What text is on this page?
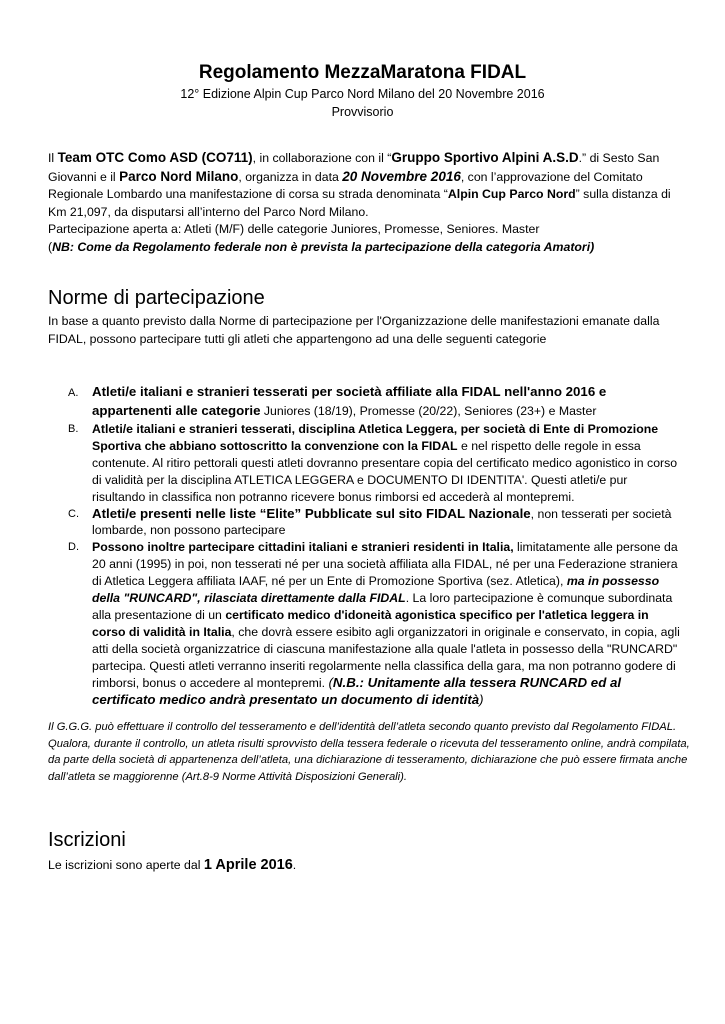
Regolamento MezzaMaratona FIDAL
12° Edizione Alpin Cup Parco Nord Milano del 20 Novembre 2016
Provvisorio

Il Team OTC Como ASD (CO711), in collaborazione con il “Gruppo Sportivo Alpini A.S.D.” di Sesto San Giovanni e il Parco Nord Milano, organizza in data 20 Novembre 2016, con l’approvazione del Comitato Regionale Lombardo una manifestazione di corsa su strada denominata “Alpin Cup Parco Nord” sulla distanza di Km 21,097, da disputarsi all’interno del Parco Nord Milano.

Partecipazione aperta a: Atleti (M/F) delle categorie Juniores, Promesse, Seniores. Master

(NB: Come da Regolamento federale non è prevista la partecipazione della categoria Amatori)

Norme di partecipazione

In base a quanto previsto dalla Norme di partecipazione per l'Organizzazione delle manifestazioni emanate dalla FIDAL, possono partecipare tutti gli atleti che appartengono ad una delle seguenti categorie

A. Atleti/e italiani e stranieri tesserati per società affiliate alla FIDAL nell'anno 2016 e appartenenti alle categorie Juniores (18/19), Promesse (20/22), Seniores (23+) e Master
B. Atleti/e italiani e stranieri tesserati, disciplina Atletica Leggera, per società di Ente di Promozione Sportiva che abbiano sottoscritto la convenzione con la FIDAL e nel rispetto delle regole in essa contenute. Al ritiro pettorali questi atleti dovranno presentare copia del certificato medico agonistico in corso di validità per la disciplina ATLETICA LEGGERA e DOCUMENTO DI IDENTITA'. Questi atleti/e pur risultando in classifica non potranno ricevere bonus rimborsi ed accederà al montepremi.
C. Atleti/e presenti nelle liste “Elite” Pubblicate sul sito FIDAL Nazionale, non tesserati per società lombarde, non possono partecipare
D. Possono inoltre partecipare cittadini italiani e stranieri residenti in Italia, limitatamente alle persone da 20 anni (1995) in poi, non tesserati né per una società affiliata alla FIDAL, né per una Federazione straniera di Atletica Leggera affiliata IAAF, né per un Ente di Promozione Sportiva (sez. Atletica), ma in possesso della "RUNCARD", rilasciata direttamente dalla FIDAL. La loro partecipazione è comunque subordinata alla presentazione di un certificato medico d'idoneità agonistica specifico per l'atletica leggera in corso di validità in Italia, che dovrà essere esibito agli organizzatori in originale e conservato, in copia, agli atti della società organizzatrice di ciascuna manifestazione alla quale l'atleta in possesso della "RUNCARD" partecipa. Questi atleti verranno inseriti regolarmente nella classifica della gara, ma non potranno godere di rimborsi, bonus o accedere al montepremi. (N.B.: Unitamente alla tessera RUNCARD ed al certificato medico andrà presentato un documento di identità)

Il G.G.G. può effettuare il controllo del tesseramento e dell’identità dell’atleta secondo quanto previsto dal Regolamento FIDAL. Qualora, durante il controllo, un atleta risulti sprovvisto della tessera federale o ricevuta del tesseramento online, andrà compilata, da parte della società di appartenenza dell’atleta, una dichiarazione di tesseramento, dichiarazione che può essere firmata anche dall’atleta se maggiorenne (Art.8-9 Norme Attività Disposizioni Generali).

Iscrizioni

Le iscrizioni sono aperte dal 1 Aprile 2016.
